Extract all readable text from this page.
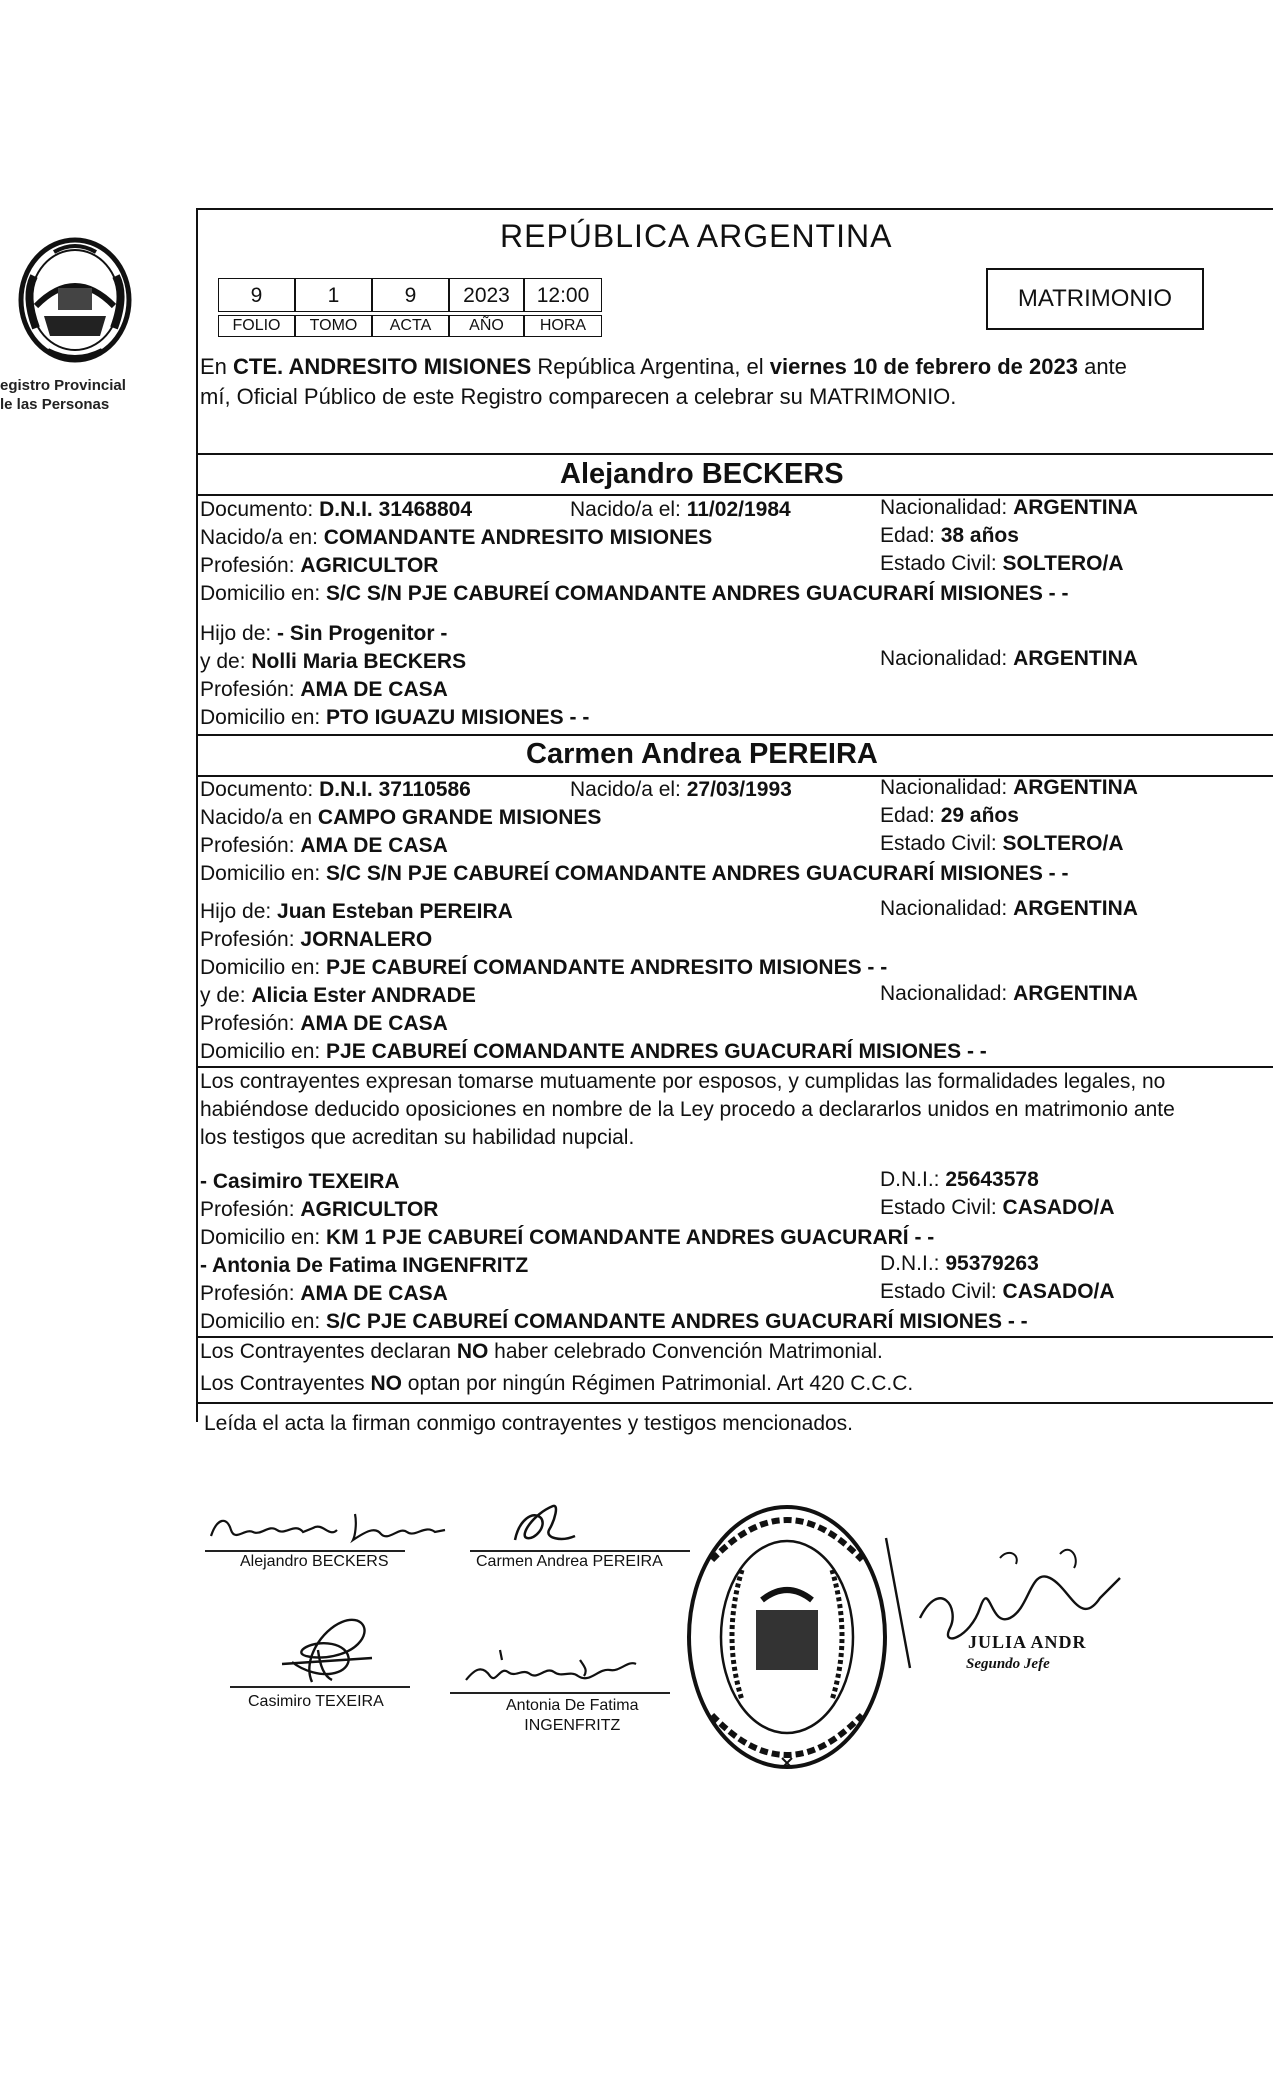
egistro Provincial
le las Personas
REPÚBLICA ARGENTINA
9	1	9	2023	12:00
FOLIO	TOMO	ACTA	AÑO	HORA
MATRIMONIO
En CTE. ANDRESITO MISIONES República Argentina, el viernes 10 de febrero de 2023 ante
mí, Oficial Público de este Registro comparecen a celebrar su MATRIMONIO.
Alejandro BECKERS
Documento: D.N.I. 31468804	Nacido/a el: 11/02/1984	Nacionalidad: ARGENTINA
Nacido/a en: COMANDANTE ANDRESITO MISIONES	Edad: 38 años
Profesión: AGRICULTOR	Estado Civil: SOLTERO/A
Domicilio en: S/C S/N PJE CABUREÍ COMANDANTE ANDRES GUACURARÍ MISIONES - -
Hijo de: - Sin Progenitor -
y de: Nolli Maria BECKERS	Nacionalidad: ARGENTINA
Profesión: AMA DE CASA
Domicilio en: PTO IGUAZU MISIONES - -
Carmen Andrea PEREIRA
Documento: D.N.I. 37110586	Nacido/a el: 27/03/1993	Nacionalidad: ARGENTINA
Nacido/a en CAMPO GRANDE MISIONES	Edad: 29 años
Profesión: AMA DE CASA	Estado Civil: SOLTERO/A
Domicilio en: S/C S/N PJE CABUREÍ COMANDANTE ANDRES GUACURARÍ MISIONES - -
Hijo de: Juan Esteban PEREIRA	Nacionalidad: ARGENTINA
Profesión: JORNALERO
Domicilio en: PJE CABUREÍ COMANDANTE ANDRESITO MISIONES - -
y de: Alicia Ester ANDRADE	Nacionalidad: ARGENTINA
Profesión: AMA DE CASA
Domicilio en: PJE CABUREÍ COMANDANTE ANDRES GUACURARÍ MISIONES - -
Los contrayentes expresan tomarse mutuamente por esposos, y cumplidas las formalidades legales, no
habiéndose deducido oposiciones en nombre de la Ley procedo a declararlos unidos en matrimonio ante
los testigos que acreditan su habilidad nupcial.
- Casimiro TEXEIRA	D.N.I.: 25643578
Profesión: AGRICULTOR	Estado Civil: CASADO/A
Domicilio en: KM 1 PJE CABUREÍ COMANDANTE ANDRES GUACURARÍ - -
- Antonia De Fatima INGENFRITZ	D.N.I.: 95379263
Profesión: AMA DE CASA	Estado Civil: CASADO/A
Domicilio en: S/C PJE CABUREÍ COMANDANTE ANDRES GUACURARÍ MISIONES - -
Los Contrayentes declaran NO haber celebrado Convención Matrimonial.
Los Contrayentes NO optan por ningún Régimen Patrimonial. Art 420 C.C.C.
Leída el acta la firman conmigo contrayentes y testigos mencionados.
Alejandro BECKERS	Carmen Andrea PEREIRA
Casimiro TEXEIRA	Antonia De Fatima
INGENFRITZ
JULIA ANDR
Segundo Jefe
